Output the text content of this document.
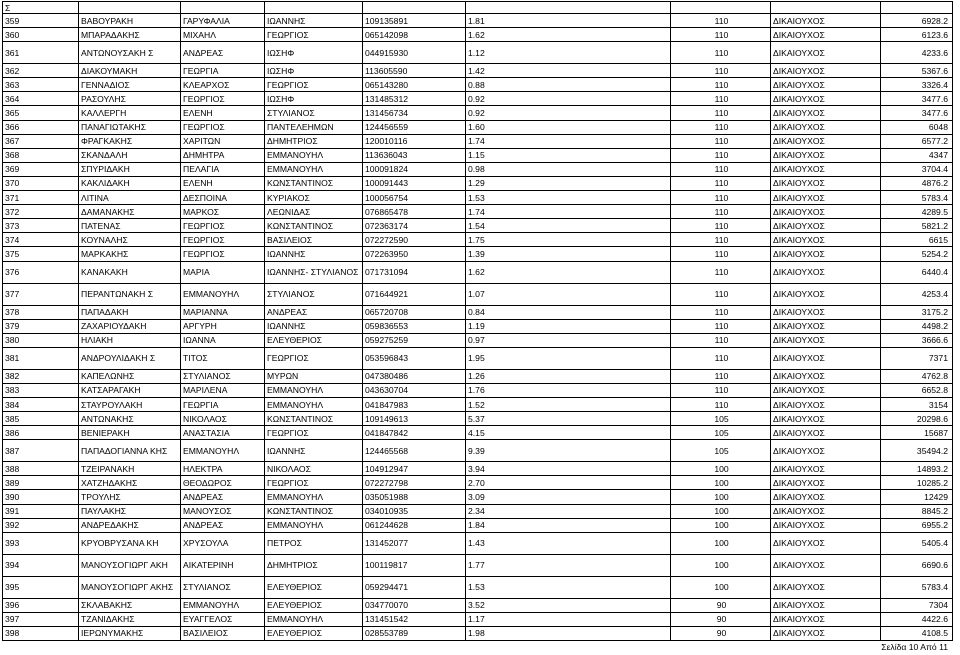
Σ								
359	ΒΑΒΟΥΡΑΚΗ	ΓΑΡΥΦΑΛΙΑ	ΙΩΑΝΝΗΣ	109135891	1.81	110	ΔΙΚΑΙΟΥΧΟΣ	6928.2
360	ΜΠΑΡΑΔΑΚΗΣ	ΜΙΧΑΗΛ	ΓΕΩΡΓΙΟΣ	065142098	1.62	110	ΔΙΚΑΙΟΥΧΟΣ	6123.6
361	ΑΝΤΩΝΟΥΣΑΚΗ Σ	ΑΝΔΡΕΑΣ	ΙΩΣΗΦ	044915930	1.12	110	ΔΙΚΑΙΟΥΧΟΣ	4233.6
362	ΔΙΑΚΟΥΜΑΚΗ	ΓΕΩΡΓΙΑ	ΙΩΣΗΦ	113605590	1.42	110	ΔΙΚΑΙΟΥΧΟΣ	5367.6
363	ΓΕΝΝΑΔΙΟΣ	ΚΛΕΑΡΧΟΣ	ΓΕΩΡΓΙΟΣ	065143280	0.88	110	ΔΙΚΑΙΟΥΧΟΣ	3326.4
364	ΡΑΣΟΥΛΗΣ	ΓΕΩΡΓΙΟΣ	ΙΩΣΗΦ	131485312	0.92	110	ΔΙΚΑΙΟΥΧΟΣ	3477.6
365	ΚΑΛΛΕΡΓΗ	ΕΛΕΝΗ	ΣΤΥΛΙΑΝΟΣ	131456734	0.92	110	ΔΙΚΑΙΟΥΧΟΣ	3477.6
366	ΠΑΝΑΓΙΩΤΑΚΗΣ	ΓΕΩΡΓΙΟΣ	ΠΑΝΤΕΛΕΗΜΩΝ	124456559	1.60	110	ΔΙΚΑΙΟΥΧΟΣ	6048
367	ΦΡΑΓΚΑΚΗΣ	ΧΑΡΙΤΩΝ	ΔΗΜΗΤΡΙΟΣ	120010116	1.74	110	ΔΙΚΑΙΟΥΧΟΣ	6577.2
368	ΣΚΑΝΔΑΛΗ	ΔΗΜΗΤΡΑ	ΕΜΜΑΝΟΥΗΛ	113636043	1.15	110	ΔΙΚΑΙΟΥΧΟΣ	4347
369	ΣΠΥΡΙΔΑΚΗ	ΠΕΛΑΓΙΑ	ΕΜΜΑΝΟΥΗΛ	100091824	0.98	110	ΔΙΚΑΙΟΥΧΟΣ	3704.4
370	ΚΑΚΛΙΔΑΚΗ	ΕΛΕΝΗ	ΚΩΝΣΤΑΝΤΙΝΟΣ	100091443	1.29	110	ΔΙΚΑΙΟΥΧΟΣ	4876.2
371	ΛΙΤΙΝΑ	ΔΕΣΠΟΙΝΑ	ΚΥΡΙΑΚΟΣ	100056754	1.53	110	ΔΙΚΑΙΟΥΧΟΣ	5783.4
372	ΔΑΜΑΝΑΚΗΣ	ΜΑΡΚΟΣ	ΛΕΩΝΙΔΑΣ	076865478	1.74	110	ΔΙΚΑΙΟΥΧΟΣ	4289.5
373	ΠΑΤΕΝΑΣ	ΓΕΩΡΓΙΟΣ	ΚΩΝΣΤΑΝΤΙΝΟΣ	072363174	1.54	110	ΔΙΚΑΙΟΥΧΟΣ	5821.2
374	ΚΟΥΝΑΛΗΣ	ΓΕΩΡΓΙΟΣ	ΒΑΣΙΛΕΙΟΣ	072272590	1.75	110	ΔΙΚΑΙΟΥΧΟΣ	6615
375	ΜΑΡΚΑΚΗΣ	ΓΕΩΡΓΙΟΣ	ΙΩΑΝΝΗΣ	072263950	1.39	110	ΔΙΚΑΙΟΥΧΟΣ	5254.2
376	ΚΑΝΑΚΑΚΗ	ΜΑΡΙΑ	ΙΩΑΝΝΗΣ- ΣΤΥΛΙΑΝΟΣ	071731094	1.62	110	ΔΙΚΑΙΟΥΧΟΣ	6440.4
377	ΠΕΡΑΝΤΩΝΑΚΗ Σ	ΕΜΜΑΝΟΥΗΛ	ΣΤΥΛΙΑΝΟΣ	071644921	1.07	110	ΔΙΚΑΙΟΥΧΟΣ	4253.4
378	ΠΑΠΑΔΑΚΗ	ΜΑΡΙΑΝΝΑ	ΑΝΔΡΕΑΣ	065720708	0.84	110	ΔΙΚΑΙΟΥΧΟΣ	3175.2
379	ΖΑΧΑΡΙΟΥΔΑΚΗ	ΑΡΓΥΡΗ	ΙΩΑΝΝΗΣ	059836553	1.19	110	ΔΙΚΑΙΟΥΧΟΣ	4498.2
380	ΗΛΙΑΚΗ	ΙΩΑΝΝΑ	ΕΛΕΥΘΕΡΙΟΣ	059275259	0.97	110	ΔΙΚΑΙΟΥΧΟΣ	3666.6
381	ΑΝΔΡΟΥΛΙΔΑΚΗ Σ	ΤΙΤΟΣ	ΓΕΩΡΓΙΟΣ	053596843	1.95	110	ΔΙΚΑΙΟΥΧΟΣ	7371
382	ΚΑΠΕΛΩΝΗΣ	ΣΤΥΛΙΑΝΟΣ	ΜΥΡΩΝ	047380486	1.26	110	ΔΙΚΑΙΟΥΧΟΣ	4762.8
383	ΚΑΤΣΑΡΑΓΑΚΗ	ΜΑΡΙΛΕΝΑ	ΕΜΜΑΝΟΥΗΛ	043630704	1.76	110	ΔΙΚΑΙΟΥΧΟΣ	6652.8
384	ΣΤΑΥΡΟΥΛΑΚΗ	ΓΕΩΡΓΙΑ	ΕΜΜΑΝΟΥΗΛ	041847983	1.52	110	ΔΙΚΑΙΟΥΧΟΣ	3154
385	ΑΝΤΩΝΑΚΗΣ	ΝΙΚΟΛΑΟΣ	ΚΩΝΣΤΑΝΤΙΝΟΣ	109149613	5.37	105	ΔΙΚΑΙΟΥΧΟΣ	20298.6
386	ΒΕΝΙΕΡΑΚΗ	ΑΝΑΣΤΑΣΙΑ	ΓΕΩΡΓΙΟΣ	041847842	4.15	105	ΔΙΚΑΙΟΥΧΟΣ	15687
387	ΠΑΠΑΔΟΓΙΑΝΝΑ ΚΗΣ	ΕΜΜΑΝΟΥΗΛ	ΙΩΑΝΝΗΣ	124465568	9.39	105	ΔΙΚΑΙΟΥΧΟΣ	35494.2
388	ΤΖΕΙΡΑΝΑΚΗ	ΗΛΕΚΤΡΑ	ΝΙΚΟΛΑΟΣ	104912947	3.94	100	ΔΙΚΑΙΟΥΧΟΣ	14893.2
389	ΧΑΤΖΗΔΑΚΗΣ	ΘΕΟΔΩΡΟΣ	ΓΕΩΡΓΙΟΣ	072272798	2.70	100	ΔΙΚΑΙΟΥΧΟΣ	10285.2
390	ΤΡΟΥΛΗΣ	ΑΝΔΡΕΑΣ	ΕΜΜΑΝΟΥΗΛ	035051988	3.09	100	ΔΙΚΑΙΟΥΧΟΣ	12429
391	ΠΑΥΛΑΚΗΣ	ΜΑΝΟΥΣΟΣ	ΚΩΝΣΤΑΝΤΙΝΟΣ	034010935	2.34	100	ΔΙΚΑΙΟΥΧΟΣ	8845.2
392	ΑΝΔΡΕΔΑΚΗΣ	ΑΝΔΡΕΑΣ	ΕΜΜΑΝΟΥΗΛ	061244628	1.84	100	ΔΙΚΑΙΟΥΧΟΣ	6955.2
393	ΚΡΥΟΒΡΥΣΑΝΑ ΚΗ	ΧΡΥΣΟΥΛΑ	ΠΕΤΡΟΣ	131452077	1.43	100	ΔΙΚΑΙΟΥΧΟΣ	5405.4
394	ΜΑΝΟΥΣΟΓΙΩΡΓ ΑΚΗ	ΑΙΚΑΤΕΡΙΝΗ	ΔΗΜΗΤΡΙΟΣ	100119817	1.77	100	ΔΙΚΑΙΟΥΧΟΣ	6690.6
395	ΜΑΝΟΥΣΟΓΙΩΡΓ ΑΚΗΣ	ΣΤΥΛΙΑΝΟΣ	ΕΛΕΥΘΕΡΙΟΣ	059294471	1.53	100	ΔΙΚΑΙΟΥΧΟΣ	5783.4
396	ΣΚΛΑΒΑΚΗΣ	ΕΜΜΑΝΟΥΗΛ	ΕΛΕΥΘΕΡΙΟΣ	034770070	3.52	90	ΔΙΚΑΙΟΥΧΟΣ	7304
397	ΤΖΑΝΙΔΑΚΗΣ	ΕΥΑΓΓΕΛΟΣ	ΕΜΜΑΝΟΥΗΛ	131451542	1.17	90	ΔΙΚΑΙΟΥΧΟΣ	4422.6
398	ΙΕΡΩΝΥΜΑΚΗΣ	ΒΑΣΙΛΕΙΟΣ	ΕΛΕΥΘΕΡΙΟΣ	028553789	1.98	90	ΔΙΚΑΙΟΥΧΟΣ	4108.5
Σελίδα 10 Από 11
